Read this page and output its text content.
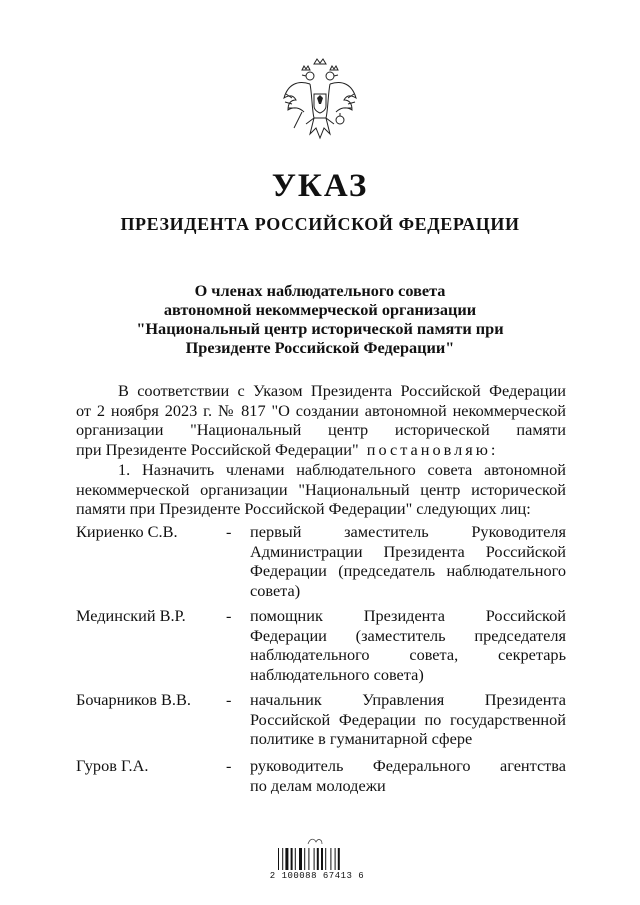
УКАЗ
ПРЕЗИДЕНТА РОССИЙСКОЙ ФЕДЕРАЦИИ
О членах наблюдательного совета
автономной некоммерческой организации
"Национальный центр исторической памяти при
Президенте Российской Федерации"
В соответствии с Указом Президента Российской Федерации
от 2 ноября 2023 г. № 817 "О создании автономной некоммерческой
организации "Национальный центр исторической памяти
при Президенте Российской Федерации" постановляю:
1. Назначить членами наблюдательного совета автономной
некоммерческой организации "Национальный центр исторической
памяти при Президенте Российской Федерации" следующих лиц:
Кириенко С.В.	- первый заместитель Руководителя
Администрации Президента Российской
Федерации (председатель наблюдательного
совета)
Мединский В.Р. - помощник Президента Российской
Федерации (заместитель председателя
наблюдательного совета, секретарь
наблюдательного совета)
Бочарников В.В. - начальник Управления Президента
Российской Федерации по государственной
политике в гуманитарной сфере
Гуров Г.А.	- руководитель Федерального агентства
по делам молодежи
2 100088 67413 6
